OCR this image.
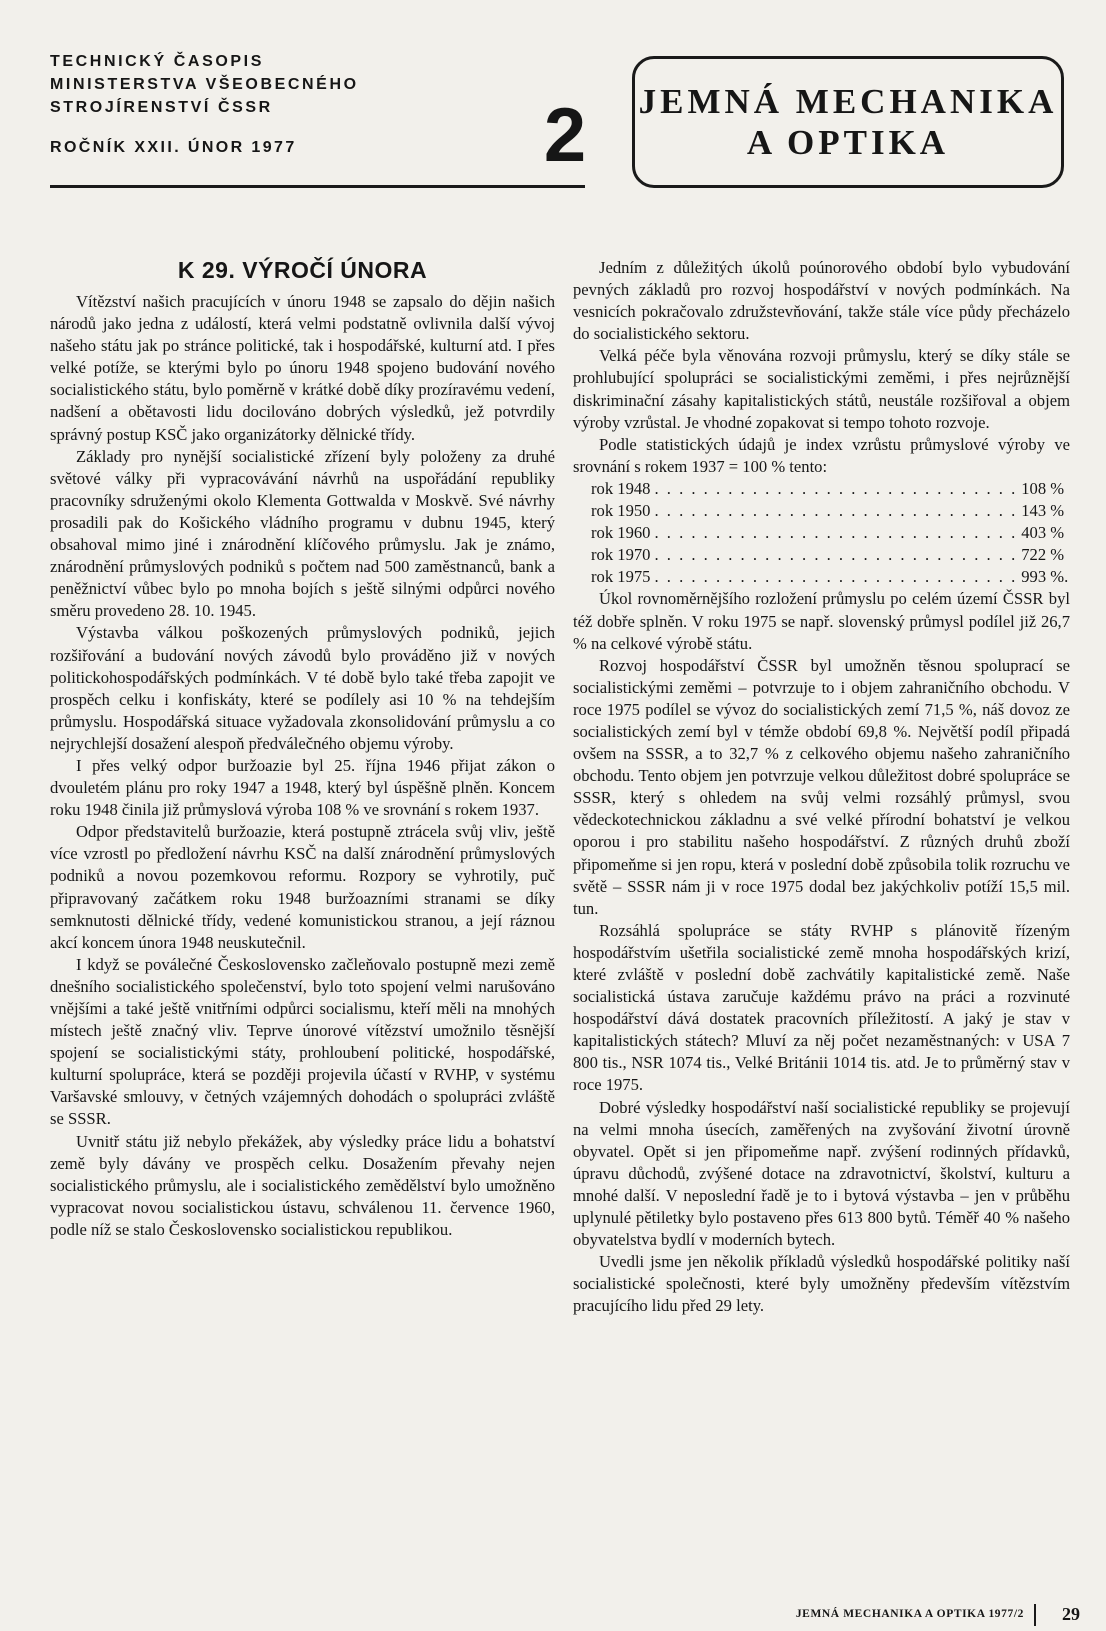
TECHNICKÝ ČASOPIS
MINISTERSTVA VŠEOBECNÉHO
STROJÍRENSTVÍ ČSSR
ROČNÍK XXII. ÚNOR 1977	2 JEMNÁ MECHANIKA
A OPTIKA
K 29. VÝROČÍ ÚNORA

Vítězství našich pracujících v únoru 1948 se zapsalo do dějin našich národů jako jedna z událostí, která velmi podstatně ovlivnila další vývoj našeho státu jak po stránce politické, tak i hospodářské, kulturní atd. I přes velké potíže, se kterými bylo po únoru 1948 spojeno budování nového socialistického státu, bylo poměrně v krátké době díky prozíravému vedení, nadšení a obětavosti lidu docilováno dobrých výsledků, jež potvrdily správný postup KSČ jako organizátorky dělnické třídy.

Základy pro nynější socialistické zřízení byly položeny za druhé světové války při vypracovávání návrhů na uspořádání republiky pracovníky sdruženými okolo Klementa Gottwalda v Moskvě. Své návrhy prosadili pak do Košického vládního programu v dubnu 1945, který obsahoval mimo jiné i znárodnění klíčového průmyslu. Jak je známo, znárodnění průmyslových podniků s počtem nad 500 zaměstnanců, bank a peněžnictví vůbec bylo po mnoha bojích s ještě silnými odpůrci nového směru provedeno 28. 10. 1945.

Výstavba válkou poškozených průmyslových podniků, jejich rozšiřování a budování nových závodů bylo prováděno již v nových politickohospodářských podmínkách. V té době bylo také třeba zapojit ve prospěch celku i konfiskáty, které se podílely asi 10 % na tehdejším průmyslu. Hospodářská situace vyžadovala zkonsolidování průmyslu a co nejrychlejší dosažení alespoň předválečného objemu výroby.

I přes velký odpor buržoazie byl 25. října 1946 přijat zákon o dvouletém plánu pro roky 1947 a 1948, který byl úspěšně plněn. Koncem roku 1948 činila již průmyslová výroba 108 % ve srovnání s rokem 1937.

Odpor představitelů buržoazie, která postupně ztrácela svůj vliv, ještě více vzrostl po předložení návrhu KSČ na další znárodnění průmyslových podniků a novou pozemkovou reformu. Rozpory se vyhrotily, puč připravovaný začátkem roku 1948 buržoazními stranami se díky semknutosti dělnické třídy, vedené komunistickou stranou, a její ráznou akcí koncem února 1948 neuskutečnil.

I když se poválečné Československo začleňovalo postupně mezi země dnešního socialistického společenství, bylo toto spojení velmi narušováno vnějšími a také ještě vnitřními odpůrci socialismu, kteří měli na mnohých místech ještě značný vliv. Teprve únorové vítězství umožnilo těsnější spojení se socialistickými státy, prohloubení politické, hospodářské, kulturní spolupráce, která se později projevila účastí v RVHP, v systému Varšavské smlouvy, v četných vzájemných dohodách o spolupráci zvláště se SSSR.

Uvnitř státu již nebylo překážek, aby výsledky práce lidu a bohatství země byly dávány ve prospěch celku. Dosažením převahy nejen socialistického průmyslu, ale i socialistického zemědělství bylo umožněno vypracovat novou socialistickou ústavu, schválenou 11. července 1960, podle níž se stalo Československo socialistickou republikou.

Jedním z důležitých úkolů poúnorového období bylo vybudování pevných základů pro rozvoj hospodářství v nových podmínkách. Na vesnicích pokračovalo združstevňování, takže stále více půdy přecházelo do socialistického sektoru.

Velká péče byla věnována rozvoji průmyslu, který se díky stále se prohlubující spolupráci se socialistickými zeměmi, i přes nejrůznější diskriminační zásahy kapitalistických států, neustále rozšiřoval a objem výroby vzrůstal. Je vhodné zopakovat si tempo tohoto rozvoje.

Podle statistických údajů je index vzrůstu průmyslové výroby ve srovnání s rokem 1937 = 100 % tento:

rok 1948 . . . . . . . . . . . . . . . . . . . . . . . . . . . . . . 108 %
rok 1950 . . . . . . . . . . . . . . . . . . . . . . . . . . . . . . 143 %
rok 1960 . . . . . . . . . . . . . . . . . . . . . . . . . . . . . . 403 %
rok 1970 . . . . . . . . . . . . . . . . . . . . . . . . . . . . . . 722 %
rok 1975 . . . . . . . . . . . . . . . . . . . . . . . . . . . . . . 993 %.

Úkol rovnoměrnějšího rozložení průmyslu po celém území ČSSR byl též dobře splněn. V roku 1975 se např. slovenský průmysl podílel již 26,7 % na celkové výrobě státu.

Rozvoj hospodářství ČSSR byl umožněn těsnou spoluprací se socialistickými zeměmi – potvrzuje to i objem zahraničního obchodu. V roce 1975 podílel se vývoz do socialistických zemí 71,5 %, náš dovoz ze socialistických zemí byl v témže období 69,8 %. Největší podíl připadá ovšem na SSSR, a to 32,7 % z celkového objemu našeho zahraničního obchodu. Tento objem jen potvrzuje velkou důležitost dobré spolupráce se SSSR, který s ohledem na svůj velmi rozsáhlý průmysl, svou vědeckotechnickou základnu a své velké přírodní bohatství je velkou oporou i pro stabilitu našeho hospodářství. Z různých druhů zboží připomeňme si jen ropu, která v poslední době způsobila tolik rozruchu ve světě – SSSR nám ji v roce 1975 dodal bez jakýchkoliv potíží 15,5 mil. tun.

Rozsáhlá spolupráce se státy RVHP s plánovitě řízeným hospodářstvím ušetřila socialistické země mnoha hospodářských krizí, které zvláště v poslední době zachvátily kapitalistické země. Naše socialistická ústava zaručuje každému právo na práci a rozvinuté hospodářství dává dostatek pracovních příležitostí. A jaký je stav v kapitalistických státech? Mluví za něj počet nezaměstnaných: v USA 7 800 tis., NSR 1074 tis., Velké Británii 1014 tis. atd. Je to průměrný stav v roce 1975.

Dobré výsledky hospodářství naší socialistické republiky se projevují na velmi mnoha úsecích, zaměřených na zvyšování životní úrovně obyvatel. Opět si jen připomeňme např. zvýšení rodinných přídavků, úpravu důchodů, zvýšené dotace na zdravotnictví, školství, kulturu a mnohé další. V neposlední řadě je to i bytová výstavba – jen v průběhu uplynulé pětiletky bylo postaveno přes 613 800 bytů. Téměř 40 % našeho obyvatelstva bydlí v moderních bytech.

Uvedli jsme jen několik příkladů výsledků hospodářské politiky naší socialistické společnosti, které byly umožněny především vítězstvím pracujícího lidu před 29 lety.

JEMNÁ MECHANIKA A OPTIKA 1977/2 29
